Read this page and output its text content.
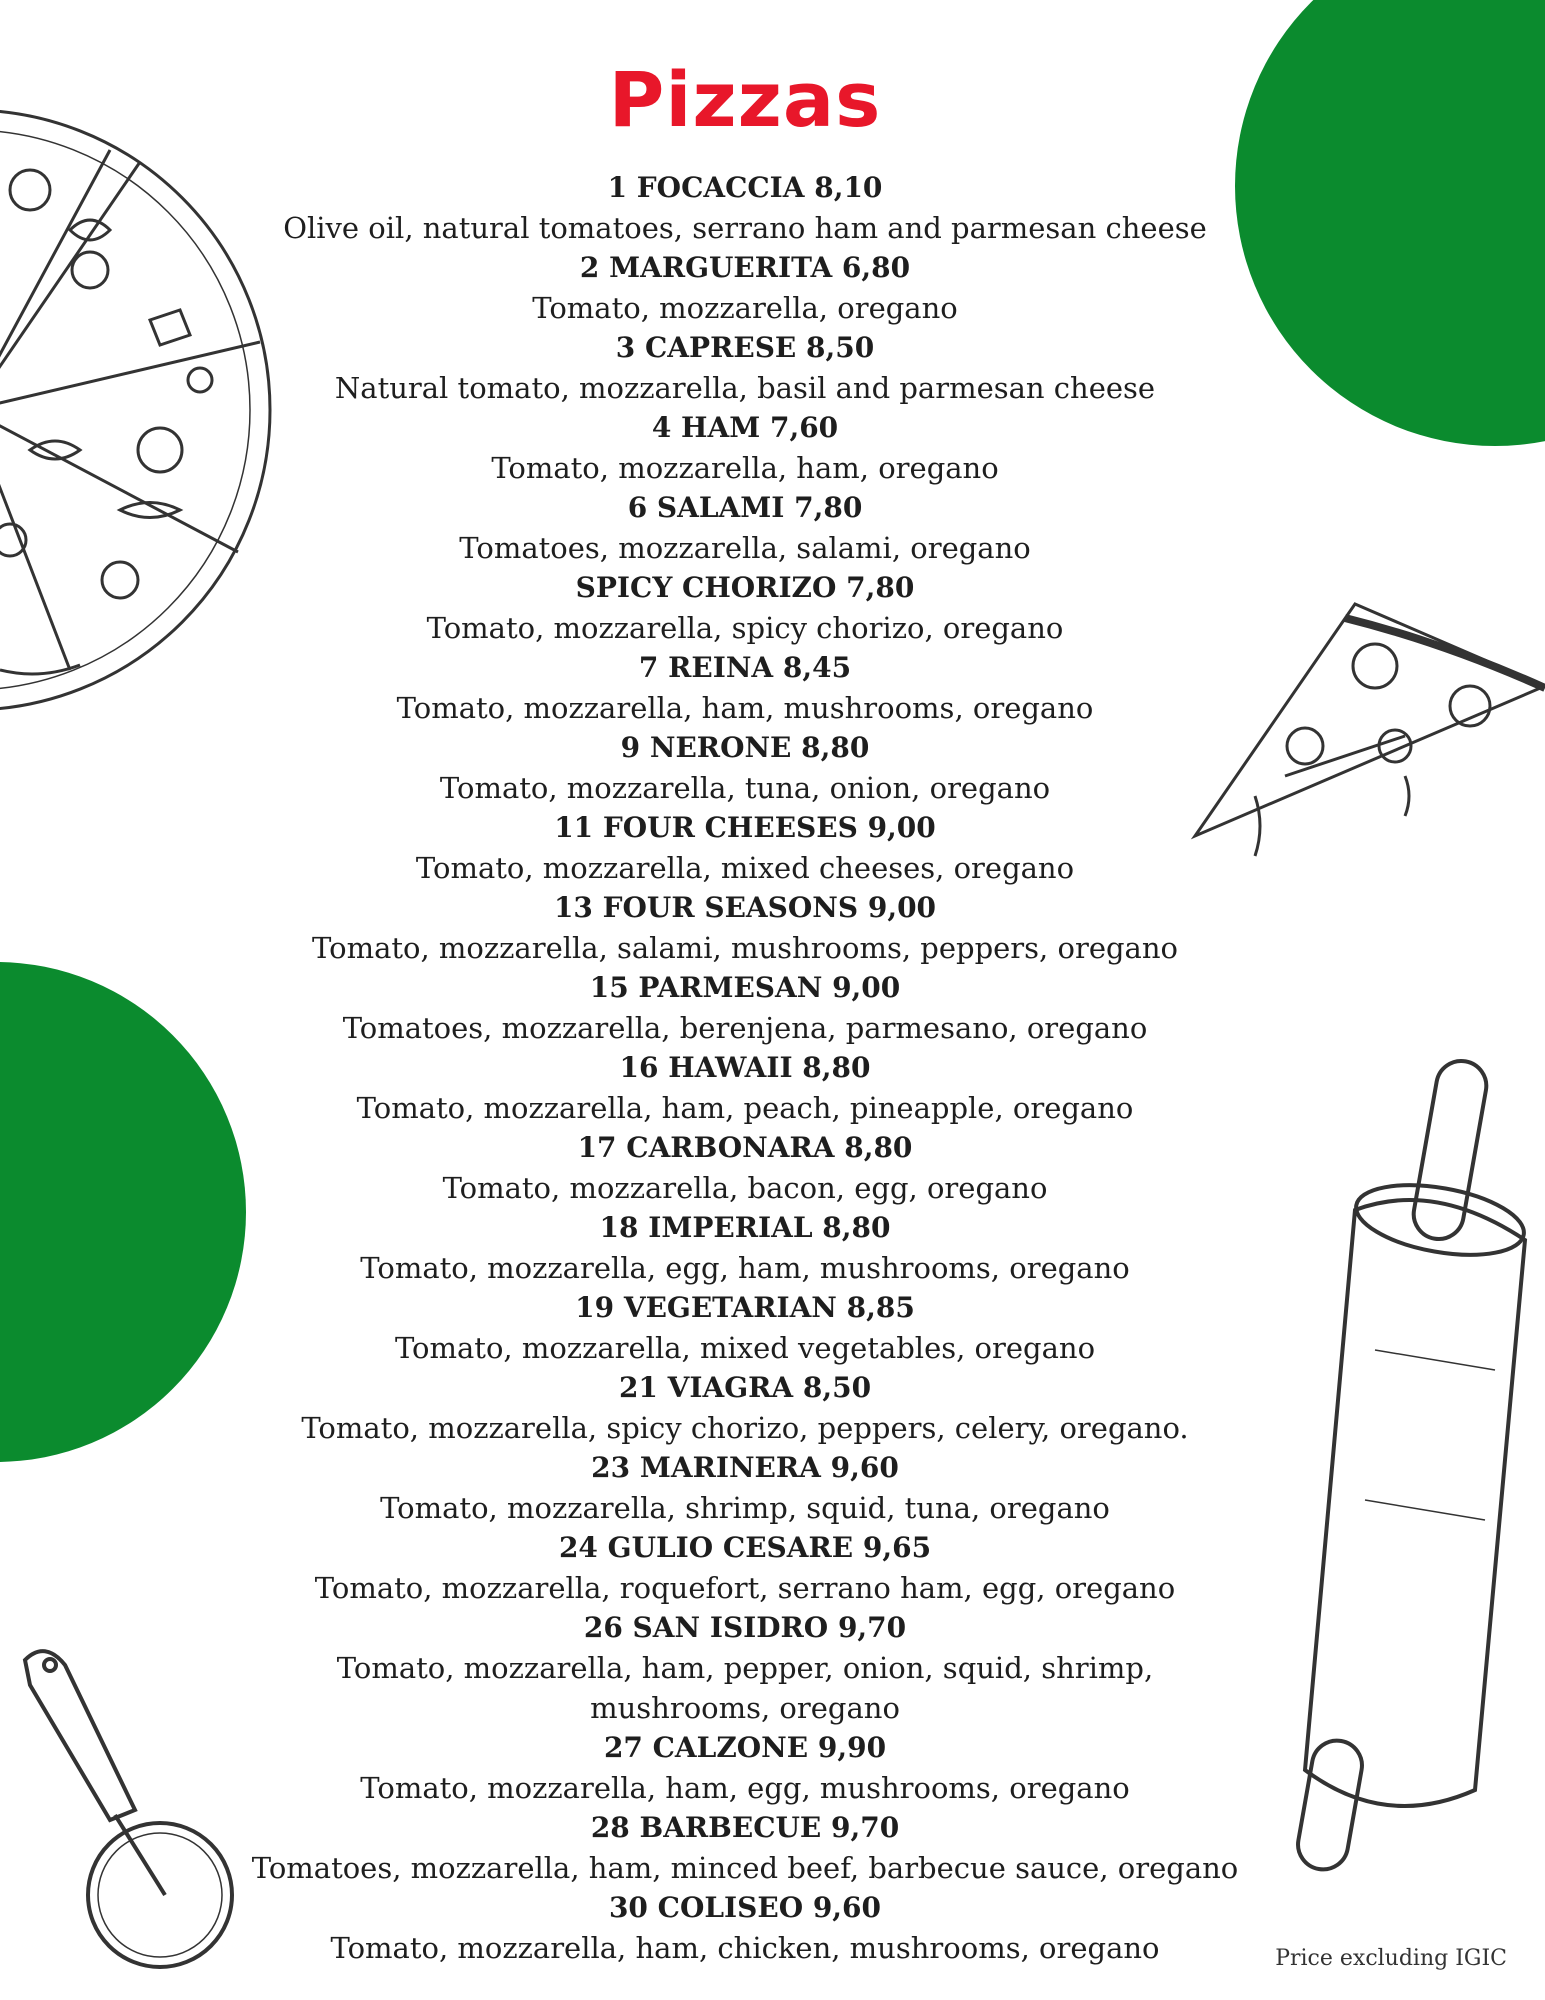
Pizzas
1 FOCACCIA 8,10
Olive oil, natural tomatoes, serrano ham and parmesan cheese
2 MARGUERITA 6,80
Tomato, mozzarella, oregano
3 CAPRESE 8,50
Natural tomato, mozzarella, basil and parmesan cheese
4 HAM 7,60
Tomato, mozzarella, ham, oregano
6 SALAMI 7,80
Tomatoes, mozzarella, salami, oregano
SPICY CHORIZO 7,80
Tomato, mozzarella, spicy chorizo, oregano
7 REINA 8,45
Tomato, mozzarella, ham, mushrooms, oregano
9 NERONE 8,80
Tomato, mozzarella, tuna, onion, oregano
11 FOUR CHEESES 9,00
Tomato, mozzarella, mixed cheeses, oregano
13 FOUR SEASONS 9,00
Tomato, mozzarella, salami, mushrooms, peppers, oregano
15 PARMESAN 9,00
Tomatoes, mozzarella, berenjena, parmesano, oregano
16 HAWAII 8,80
Tomato, mozzarella, ham, peach, pineapple, oregano
17 CARBONARA 8,80
Tomato, mozzarella, bacon, egg, oregano
18 IMPERIAL 8,80
Tomato, mozzarella, egg, ham, mushrooms, oregano
19 VEGETARIAN 8,85
Tomato, mozzarella, mixed vegetables, oregano
21 VIAGRA 8,50
Tomato, mozzarella, spicy chorizo, peppers, celery, oregano.
23 MARINERA 9,60
Tomato, mozzarella, shrimp, squid, tuna, oregano
24 GULIO CESARE 9,65
Tomato, mozzarella, roquefort, serrano ham, egg, oregano
26 SAN ISIDRO 9,70
Tomato, mozzarella, ham, pepper, onion, squid, shrimp, mushrooms, oregano
27 CALZONE 9,90
Tomato, mozzarella, ham, egg, mushrooms, oregano
28 BARBECUE 9,70
Tomatoes, mozzarella, ham, minced beef, barbecue sauce, oregano
30 COLISEO 9,60
Tomato, mozzarella, ham, chicken, mushrooms, oregano	Price excluding IGIC
